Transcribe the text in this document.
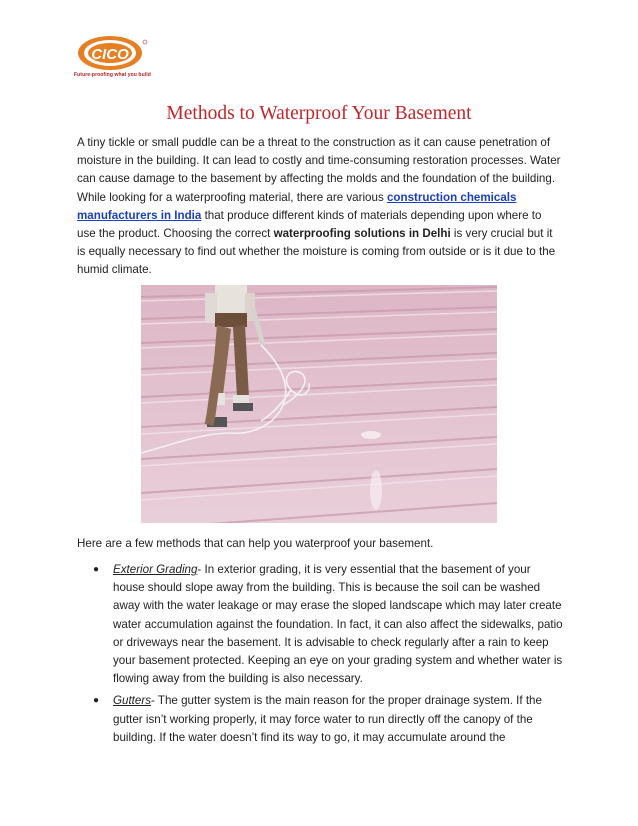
CICO
Future-proofing what you build
Methods to Waterproof Your Basement

A tiny tickle or small puddle can be a threat to the construction as it can cause penetration of moisture in the building. It can lead to costly and time-consuming restoration processes. Water can cause damage to the basement by affecting the molds and the foundation of the building. While looking for a waterproofing material, there are various construction chemicals manufacturers in India that produce different kinds of materials depending upon where to use the product. Choosing the correct waterproofing solutions in Delhi is very crucial but it is equally necessary to find out whether the moisture is coming from outside or is it due to the humid climate.

Here are a few methods that can help you waterproof your basement.

● Exterior Grading- In exterior grading, it is very essential that the basement of your house should slope away from the building. This is because the soil can be washed away with the water leakage or may erase the sloped landscape which may later create water accumulation against the foundation. In fact, it can also affect the sidewalks, patio or driveways near the basement. It is advisable to check regularly after a rain to keep your basement protected. Keeping an eye on your grading system and whether water is flowing away from the building is also necessary.
● Gutters- The gutter system is the main reason for the proper drainage system. If the gutter isn’t working properly, it may force water to run directly off the canopy of the building. If the water doesn’t find its way to go, it may accumulate around the
